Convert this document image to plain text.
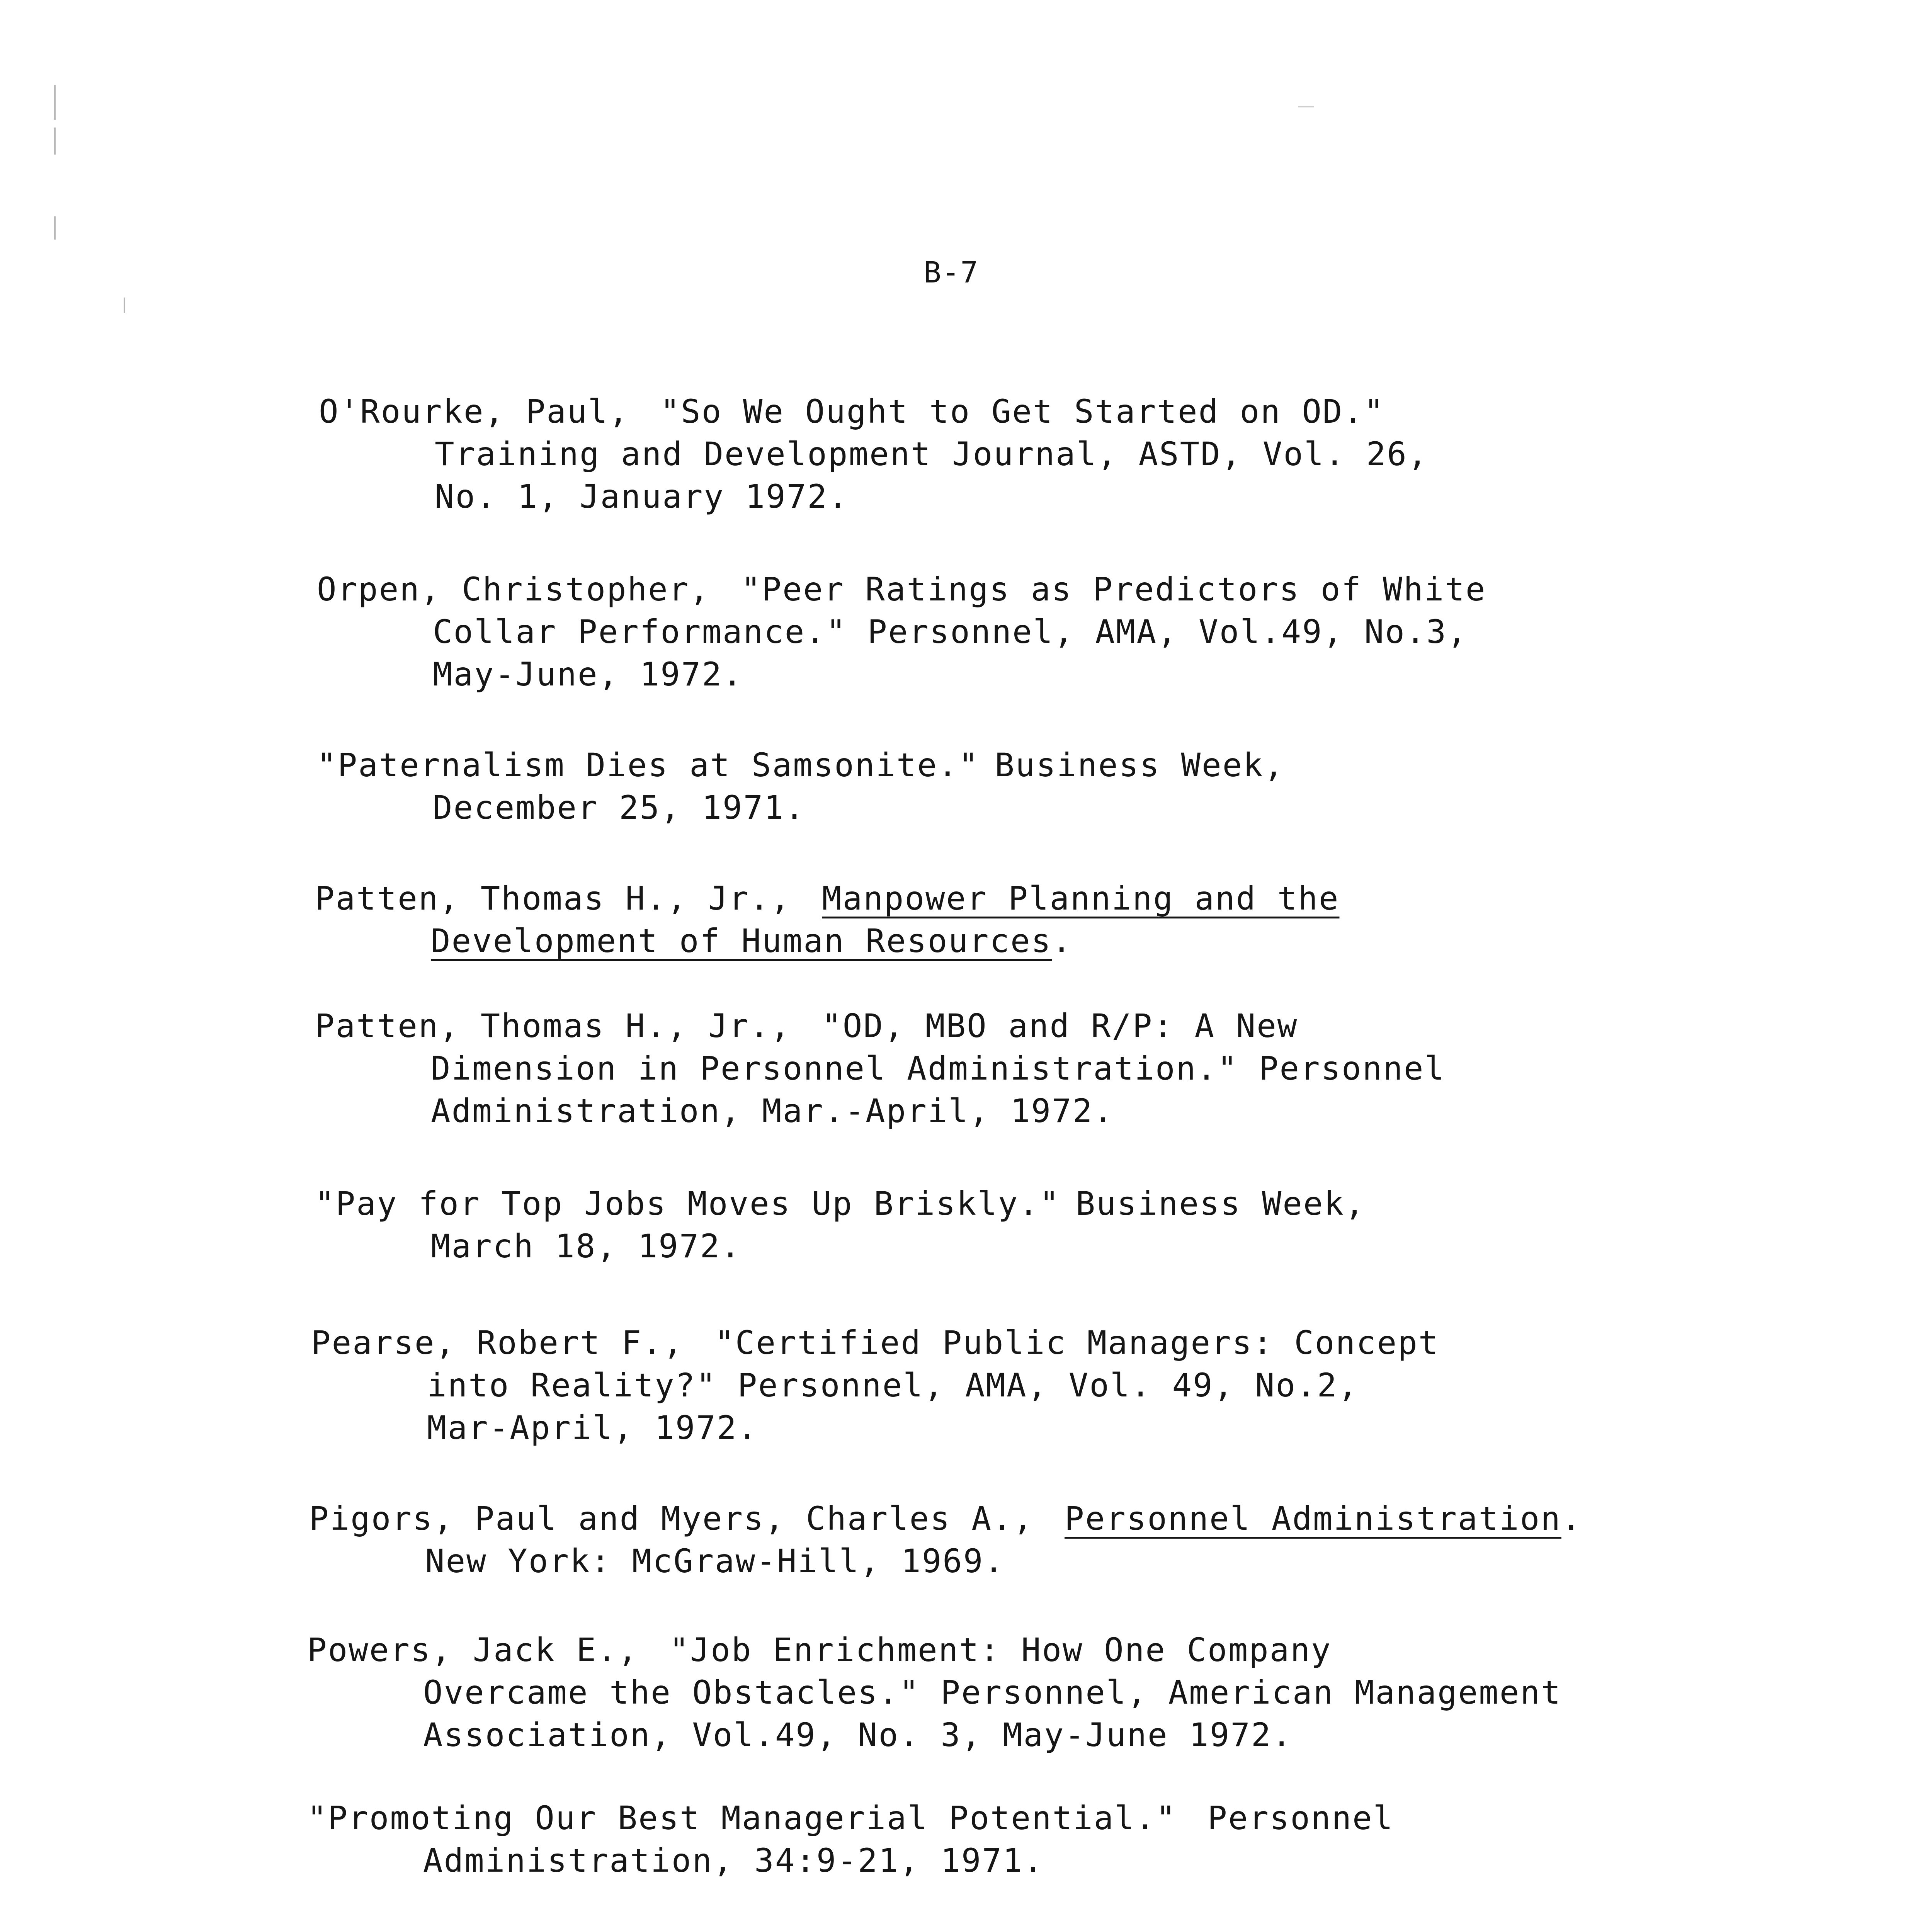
B-7
O'Rourke, Paul, "So We Ought to Get Started on OD."
Training and Development Journal, ASTD, Vol. 26,
No. 1, January 1972.
Orpen, Christopher, "Peer Ratings as Predictors of White
Collar Performance." Personnel, AMA, Vol.49, No.3,
May-June, 1972.
"Paternalism Dies at Samsonite." Business Week,
December 25, 1971.
Patten, Thomas H., Jr., Manpower Planning and the
Development of Human Resources.
Patten, Thomas H., Jr., "OD, MBO and R/P: A New
Dimension in Personnel Administration." Personnel
Administration, Mar.-April, 1972.
"Pay for Top Jobs Moves Up Briskly." Business Week,
March 18, 1972.
Pearse, Robert F., "Certified Public Managers: Concept
into Reality?" Personnel, AMA, Vol. 49, No.2,
Mar-April, 1972.
Pigors, Paul and Myers, Charles A., Personnel Administration.
New York: McGraw-Hill, 1969.
Powers, Jack E., "Job Enrichment: How One Company
Overcame the Obstacles." Personnel, American Management
Association, Vol.49, No. 3, May-June 1972.
"Promoting Our Best Managerial Potential." Personnel
Administration, 34:9-21, 1971.
